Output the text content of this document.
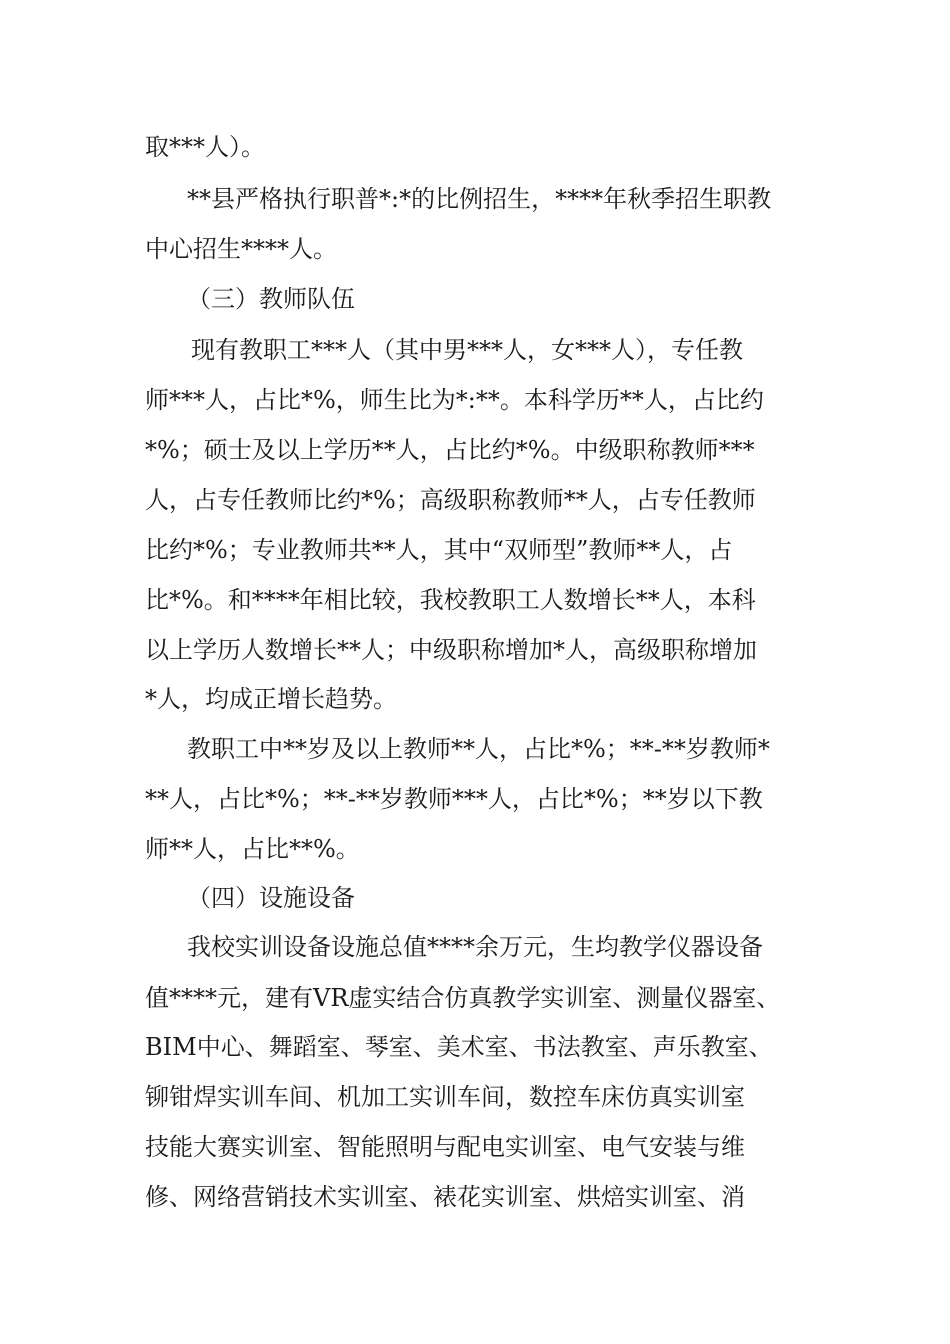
取***人）。
**县严格执行职普*:*的比例招生，****年秋季招生职教
中心招生****人。
（三）教师队伍
现有教职工***人（其中男***人，女***人），专任教
师***人，占比*%，师生比为*:**。本科学历**人，占比约
*%；硕士及以上学历**人，占比约*%。中级职称教师***
人，占专任教师比约*%；高级职称教师**人，占专任教师
比约*%；专业教师共**人，其中“双师型”教师**人，占
比*%。和****年相比较，我校教职工人数增长**人，本科
以上学历人数增长**人；中级职称增加*人，高级职称增加
*人，均成正增长趋势。
教职工中**岁及以上教师**人，占比*%；**-**岁教师*
**人，占比*%；**-**岁教师***人，占比*%；**岁以下教
师**人，占比**%。
（四）设施设备
我校实训设备设施总值****余万元，生均教学仪器设备
值****元，建有VR虚实结合仿真教学实训室、测量仪器室、
BIM中心、舞蹈室、琴室、美术室、书法教室、声乐教室、
铆钳焊实训车间、机加工实训车间，数控车床仿真实训室
技能大赛实训室、智能照明与配电实训室、电气安装与维
修、网络营销技术实训室、裱花实训室、烘焙实训室、消
